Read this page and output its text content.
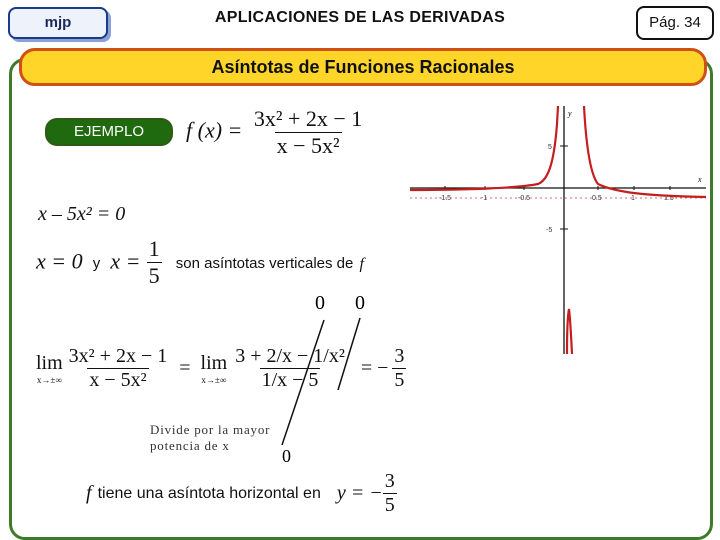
mjp	APLICACIONES DE LAS DERIVADAS	Pág. 34
Asíntotas de Funciones Racionales
EJEMPLO	f $(x) = \frac{\text{3x² + 2x − 1}}{\text{x − 5x²}}$
x – 5x² = 0
x = 0 y $x = \frac{1}{5}$ son asíntotas verticales de f
0 0
lim
$x\to\pm\infty \frac{\text{3x² + 2x − 1}}{\text{x − 5x²}} = \lim$
$x\to\pm\infty \frac{\text{3 + 2/x − 1/x²}}{1/x - 5}$ = − $\frac{3}{5}$
Divide por la mayor
potencia de x
0
f tiene una asíntota horizontal en y = − $\frac{3}{5}$
x
y
-1.5	-1	-0.5	0.5	1	1.5
5
-5
